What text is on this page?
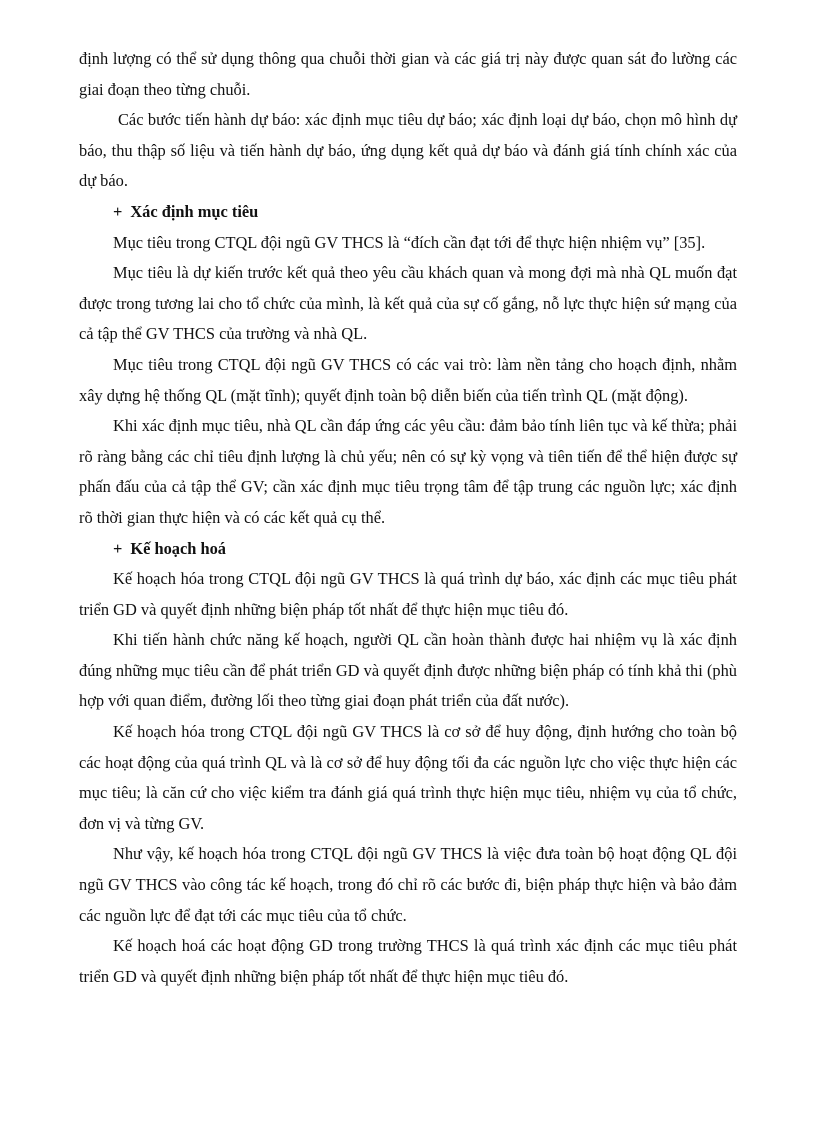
định lượng có thể sử dụng thông qua chuỗi thời gian và các giá trị này được quan sát đo lường các giai đoạn theo từng chuỗi.

Các bước tiến hành dự báo: xác định mục tiêu dự báo; xác định loại dự báo, chọn mô hình dự báo, thu thập số liệu và tiến hành dự báo, ứng dụng kết quả dự báo và đánh giá tính chính xác của dự báo.

+ Xác định mục tiêu

Mục tiêu trong CTQL đội ngũ GV THCS là “đích cần đạt tới để thực hiện nhiệm vụ” [35].

Mục tiêu là dự kiến trước kết quả theo yêu cầu khách quan và mong đợi mà nhà QL muốn đạt được trong tương lai cho tổ chức của mình, là kết quả của sự cố gắng, nỗ lực thực hiện sứ mạng của cả tập thể GV THCS của trường và nhà QL.

Mục tiêu trong CTQL đội ngũ GV THCS có các vai trò: làm nền tảng cho hoạch định, nhằm xây dựng hệ thống QL (mặt tĩnh); quyết định toàn bộ diễn biến của tiến trình QL (mặt động).

Khi xác định mục tiêu, nhà QL cần đáp ứng các yêu cầu: đảm bảo tính liên tục và kế thừa; phải rõ ràng bằng các chỉ tiêu định lượng là chủ yếu; nên có sự kỳ vọng và tiên tiến để thể hiện được sự phấn đấu của cả tập thể GV; cần xác định mục tiêu trọng tâm để tập trung các nguồn lực; xác định rõ thời gian thực hiện và có các kết quả cụ thể.

+ Kế hoạch hoá

Kế hoạch hóa trong CTQL đội ngũ GV THCS là quá trình dự báo, xác định các mục tiêu phát triển GD và quyết định những biện pháp tốt nhất để thực hiện mục tiêu đó.

Khi tiến hành chức năng kế hoạch, người QL cần hoàn thành được hai nhiệm vụ là xác định đúng những mục tiêu cần để phát triển GD và quyết định được những biện pháp có tính khả thi (phù hợp với quan điểm, đường lối theo từng giai đoạn phát triển của đất nước).

Kế hoạch hóa trong CTQL đội ngũ GV THCS là cơ sở để huy động, định hướng cho toàn bộ các hoạt động của quá trình QL và là cơ sở để huy động tối đa các nguồn lực cho việc thực hiện các mục tiêu; là căn cứ cho việc kiểm tra đánh giá quá trình thực hiện mục tiêu, nhiệm vụ của tổ chức, đơn vị và từng GV.

Như vậy, kế hoạch hóa trong CTQL đội ngũ GV THCS là việc đưa toàn bộ hoạt động QL đội ngũ GV THCS vào công tác kế hoạch, trong đó chỉ rõ các bước đi, biện pháp thực hiện và bảo đảm các nguồn lực để đạt tới các mục tiêu của tổ chức.

Kế hoạch hoá các hoạt động GD trong trường THCS là quá trình xác định các mục tiêu phát triển GD và quyết định những biện pháp tốt nhất để thực hiện mục tiêu đó.
